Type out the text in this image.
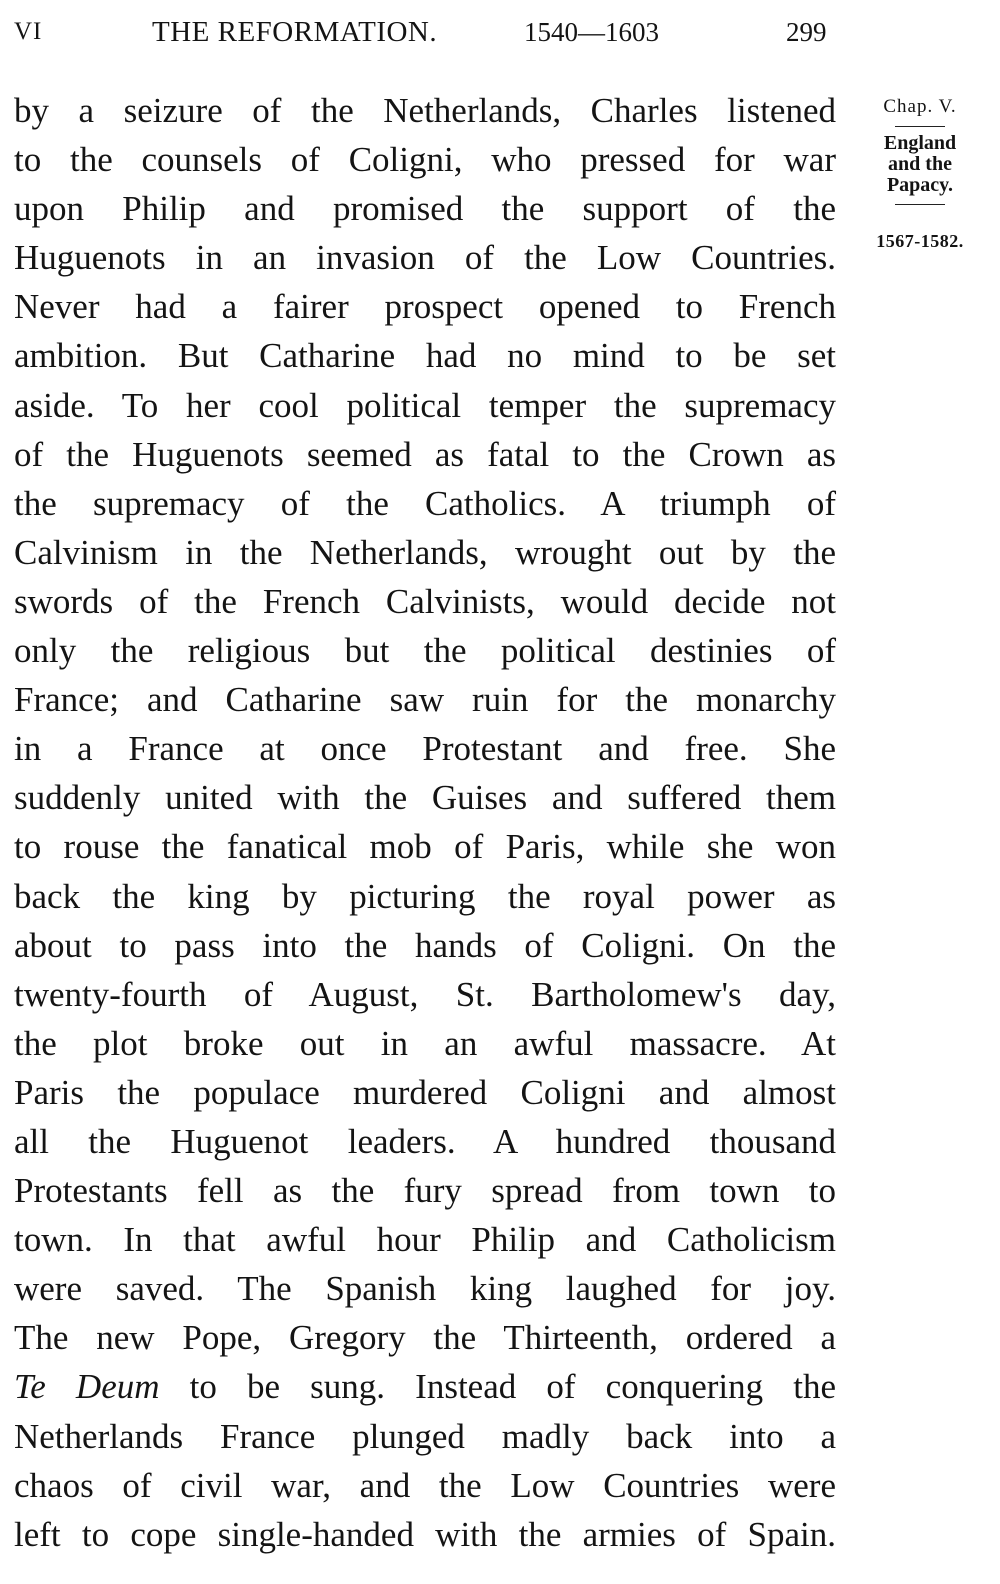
VI	THE REFORMATION.	1540—1603	299
by a seizure of the Netherlands, Charles listened
to the counsels of Coligni, who pressed for war
upon Philip and promised the support of the
Huguenots in an invasion of the Low Countries.
Never had a fairer prospect opened to French
ambition. But Catharine had no mind to be set
aside. To her cool political temper the supremacy
of the Huguenots seemed as fatal to the Crown as
the supremacy of the Catholics. A triumph of
Calvinism in the Netherlands, wrought out by the
swords of the French Calvinists, would decide not
only the religious but the political destinies of
France; and Catharine saw ruin for the monarchy
in a France at once Protestant and free. She
suddenly united with the Guises and suffered them
to rouse the fanatical mob of Paris, while she won
back the king by picturing the royal power as
about to pass into the hands of Coligni. On the
twenty-fourth of August, St. Bartholomew's day,
the plot broke out in an awful massacre. At
Paris the populace murdered Coligni and almost
all the Huguenot leaders. A hundred thousand
Protestants fell as the fury spread from town to
town. In that awful hour Philip and Catholicism
were saved. The Spanish king laughed for joy.
The new Pope, Gregory the Thirteenth, ordered a
Te Deum to be sung. Instead of conquering the
Netherlands France plunged madly back into a
chaos of civil war, and the Low Countries were
left to cope single-handed with the armies of Spain.
Chap. V.
England
and the
Papacy.
1567-1582.
